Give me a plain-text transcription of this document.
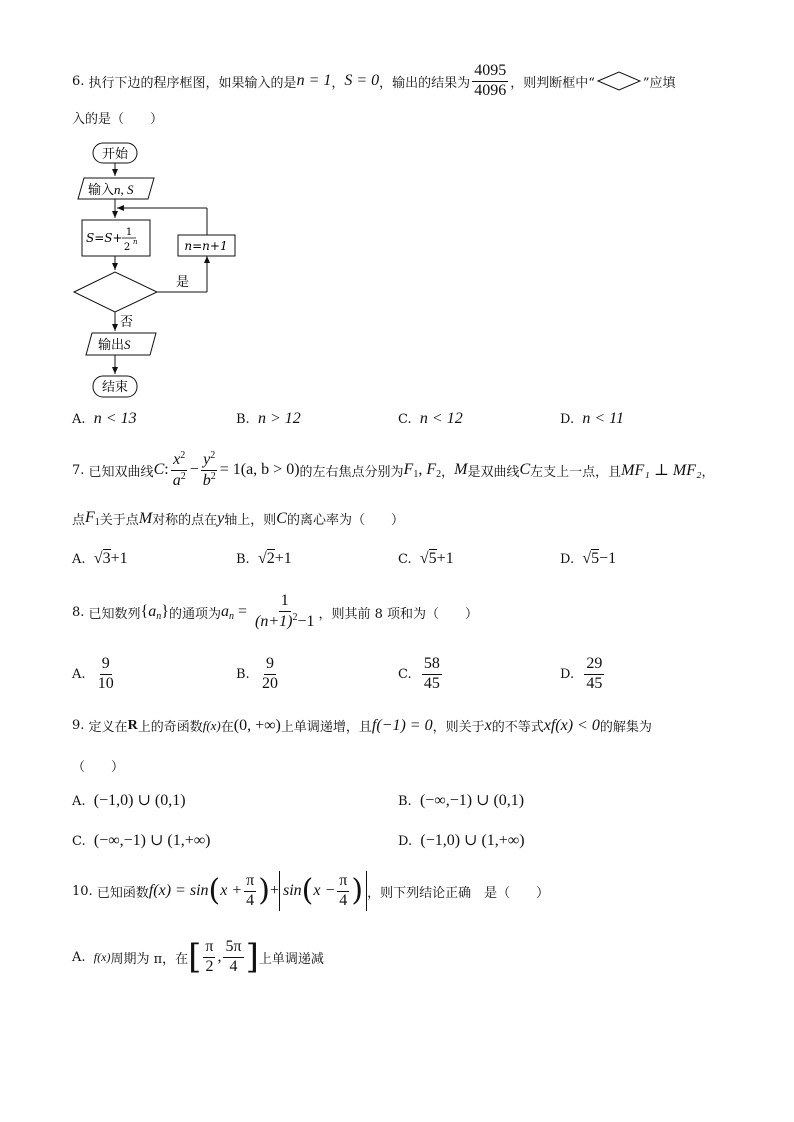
6.
执行下边的程序框图，如果输入的是 n = 1 ， S = 0 ，输出的结果为 $\frac{4095}{4096}$ ，则判断框中“	”应填
入的是（　　）
开始
输入n, S
S=S+ 1
2 n
是
n=n+1
否
输出S
结束
A. n < 13	B. n > 12	C. n < 12	D. n < 11
7.
已知双曲线 C : $\frac{x^2}{a^2} - \frac{y^2}{b^2} = 1(a$, b > 0) 的左右焦点分别为 $F_1$, $F_2$ ， M 是双曲线 C 左支上一点，且 MF₁ ⊥ MF₂ ，
点 $F_1$ 关于点 M 对称的点在 y 轴上，则 C 的离心率为（　　）
A. √3+1	B. √2+1	C. √5+1	D. √5−1
8.
已知数列 $\{a_n\}$ 的通项为 $a_n = \frac{1}{(n+1)^2-1}$ ，则其前 8 项和为（　　）
A.
$\frac{9}{10}$	B.
$\frac{9}{20}$	C.
$\frac{58}{45}$	D.
$\frac{29}{45}$
9.
定义在 R 上的奇函数 f(x) 在 (0, +∞) 上单调递增，且 f(−1) = 0 ，则关于 x 的不等式 xf(x) < 0 的解集为
（　　）
A. (−1,0) ∪ (0,1)	B. (−∞,−1) ∪ (0,1)
C. (−∞,−1) ∪ (1,+∞)	D. (−1,0) ∪ (1,+∞)
10.
已知函数 f(x) = sin ( $x + \frac{\pi}{4}$ ) + sin ( $x - \frac{\pi}{4}$ ) ，则下列结论正确　是（　　）
A.
f(x) 周期为 π，在 [ $\frac{\pi}{2}$ , $\frac{5\pi}{4}$ ] 上单调递减
